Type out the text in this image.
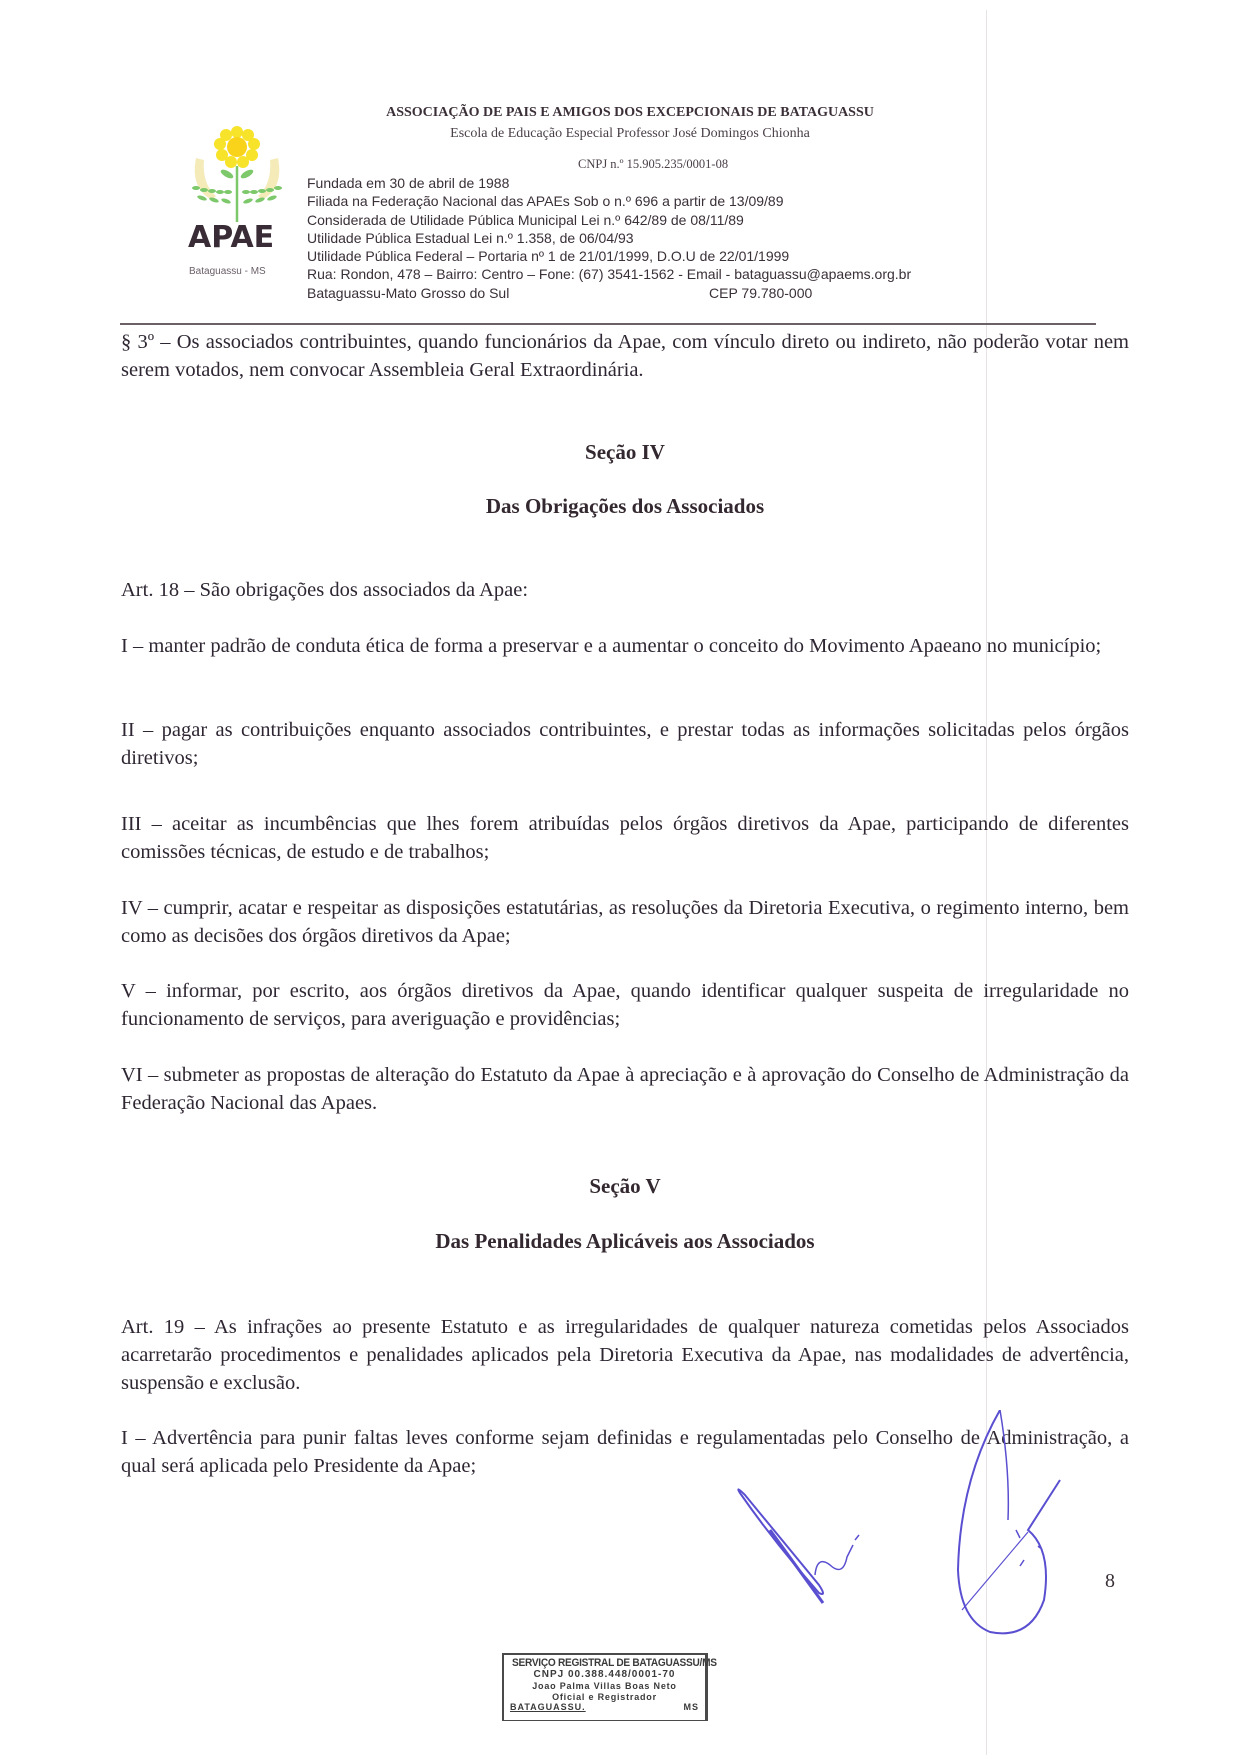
APAE
Bataguassu - MS
ASSOCIAÇÃO DE PAIS E AMIGOS DOS EXCEPCIONAIS DE BATAGUASSU
Escola de Educação Especial Professor José Domingos Chionha
CNPJ n.º 15.905.235/0001-08
Fundada em 30 de abril de 1988
Filiada na Federação Nacional das APAEs Sob o n.º 696 a partir de 13/09/89
Considerada de Utilidade Pública Municipal Lei n.º 642/89 de 08/11/89
Utilidade Pública Estadual Lei n.º 1.358, de 06/04/93
Utilidade Pública Federal – Portaria nº 1 de 21/01/1999, D.O.U de 22/01/1999
Rua: Rondon, 478 – Bairro: Centro – Fone: (67) 3541-1562 - Email - bataguassu@apaems.org.br
Bataguassu-Mato Grosso do Sul	CEP 79.780-000
§ 3º – Os associados contribuintes, quando funcionários da Apae, com vínculo direto ou indireto, não poderão votar nem serem votados, nem convocar Assembleia Geral Extraordinária.
Seção IV
Das Obrigações dos Associados
Art. 18 – São obrigações dos associados da Apae:
I – manter padrão de conduta ética de forma a preservar e a aumentar o conceito do Movimento Apaeano no município;
II – pagar as contribuições enquanto associados contribuintes, e prestar todas as informações solicitadas pelos órgãos diretivos;
III – aceitar as incumbências que lhes forem atribuídas pelos órgãos diretivos da Apae, participando de diferentes comissões técnicas, de estudo e de trabalhos;
IV – cumprir, acatar e respeitar as disposições estatutárias, as resoluções da Diretoria Executiva, o regimento interno, bem como as decisões dos órgãos diretivos da Apae;
V – informar, por escrito, aos órgãos diretivos da Apae, quando identificar qualquer suspeita de irregularidade no funcionamento de serviços, para averiguação e providências;
VI – submeter as propostas de alteração do Estatuto da Apae à apreciação e à aprovação do Conselho de Administração da Federação Nacional das Apaes.
Seção V
Das Penalidades Aplicáveis aos Associados
Art. 19 – As infrações ao presente Estatuto e as irregularidades de qualquer natureza cometidas pelos Associados acarretarão procedimentos e penalidades aplicados pela Diretoria Executiva da Apae, nas modalidades de advertência, suspensão e exclusão.
I – Advertência para punir faltas leves conforme sejam definidas e regulamentadas pelo Conselho de Administração, a qual será aplicada pelo Presidente da Apae;
8
SERVIÇO REGISTRAL DE BATAGUASSU/MS
CNPJ 00.388.448/0001-70
Joao Palma Villas Boas Neto
Oficial e Registrador
BATAGUASSU.	MS
